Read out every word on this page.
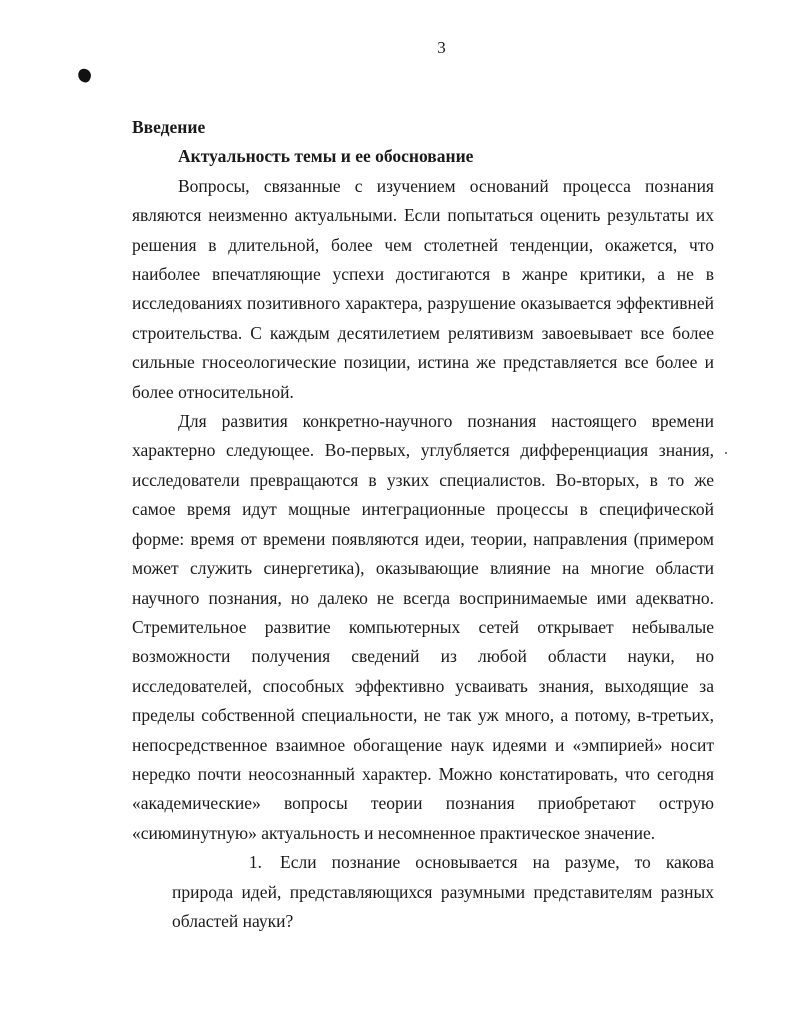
3

Введение

Актуальность темы и ее обоснование

Вопросы, связанные с изучением оснований процесса познания являются неизменно актуальными. Если попытаться оценить результаты их решения в длительной, более чем столетней тенденции, окажется, что наиболее впечатляющие успехи достигаются в жанре критики, а не в исследованиях позитивного характера, разрушение оказывается эффективней строительства. С каждым десятилетием релятивизм завоевывает все более сильные гносеологические позиции, истина же представляется все более и более относительной.

Для развития конкретно-научного познания настоящего времени характерно следующее. Во-первых, углубляется дифференциация знания, исследователи превращаются в узких специалистов. Во-вторых, в то же самое время идут мощные интеграционные процессы в специфической форме: время от времени появляются идеи, теории, направления (примером может служить синергетика), оказывающие влияние на многие области научного познания, но далеко не всегда воспринимаемые ими адекватно. Стремительное развитие компьютерных сетей открывает небывалые возможности получения сведений из любой области науки, но исследователей, способных эффективно усваивать знания, выходящие за пределы собственной специальности, не так уж много, а потому, в-третьих, непосредственное взаимное обогащение наук идеями и «эмпирией» носит нередко почти неосознанный характер. Можно констатировать, что сегодня «академические» вопросы теории познания приобретают острую «сиюминутную» актуальность и несомненное практическое значение.

1. Если познание основывается на разуме, то какова природа идей, представляющихся разумными представителям разных областей науки?
